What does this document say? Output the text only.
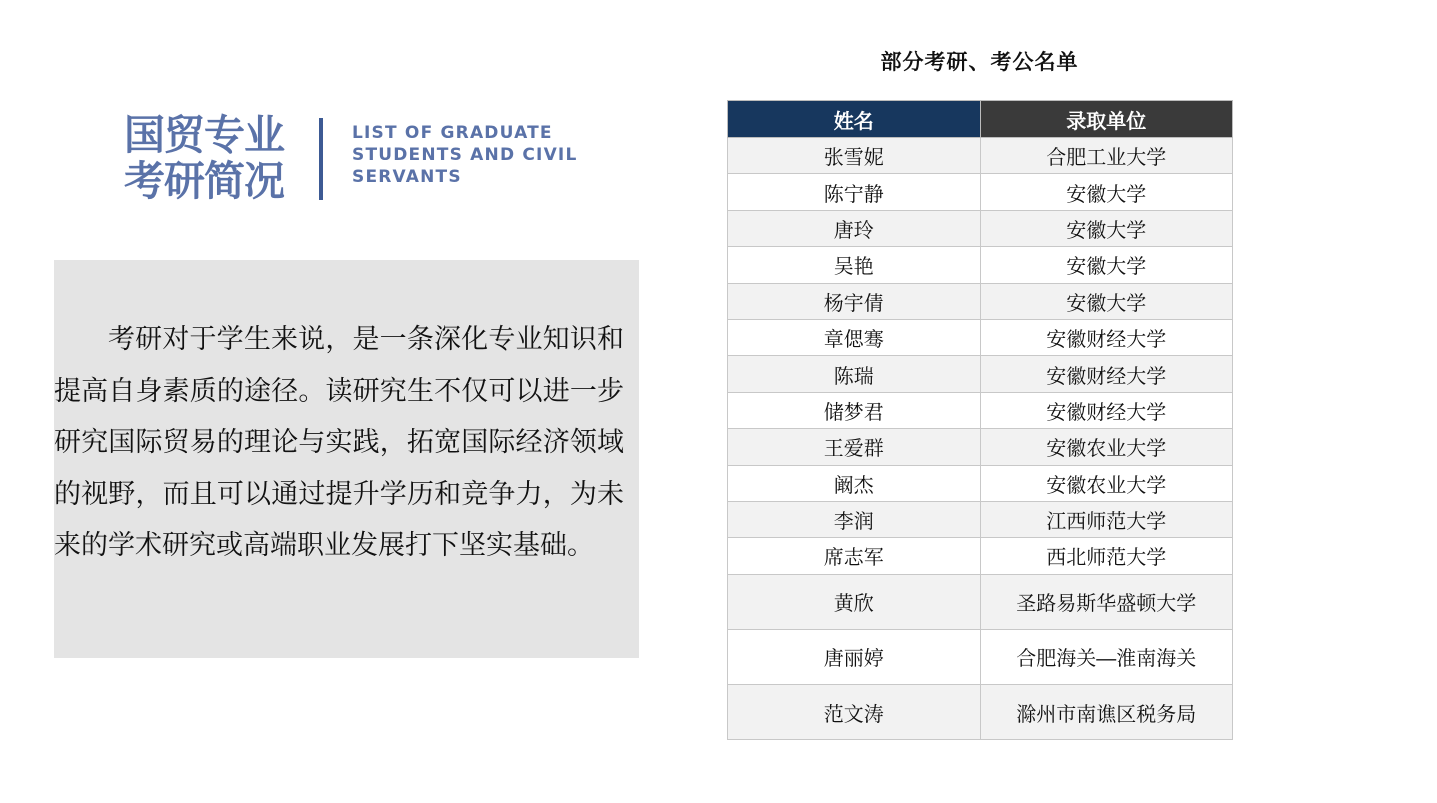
国贸专业
考研简况
LIST OF GRADUATE
STUDENTS AND CIVIL
SERVANTS
考研对于学生来说，是一条深化专业知识和提高自身素质的途径。读研究生不仅可以进一步研究国际贸易的理论与实践，拓宽国际经济领域的视野，而且可以通过提升学历和竞争力，为未来的学术研究或高端职业发展打下坚实基础。
部分考研、考公名单
姓名	录取单位
张雪妮	合肥工业大学
陈宁静	安徽大学
唐玲	安徽大学
吴艳	安徽大学
杨宇倩	安徽大学
章偲骞	安徽财经大学
陈瑞	安徽财经大学
储梦君	安徽财经大学
王爱群	安徽农业大学
阚杰	安徽农业大学
李润	江西师范大学
席志军	西北师范大学
黄欣	圣路易斯华盛顿大学
唐丽婷	合肥海关—淮南海关
范文涛	滁州市南谯区税务局
